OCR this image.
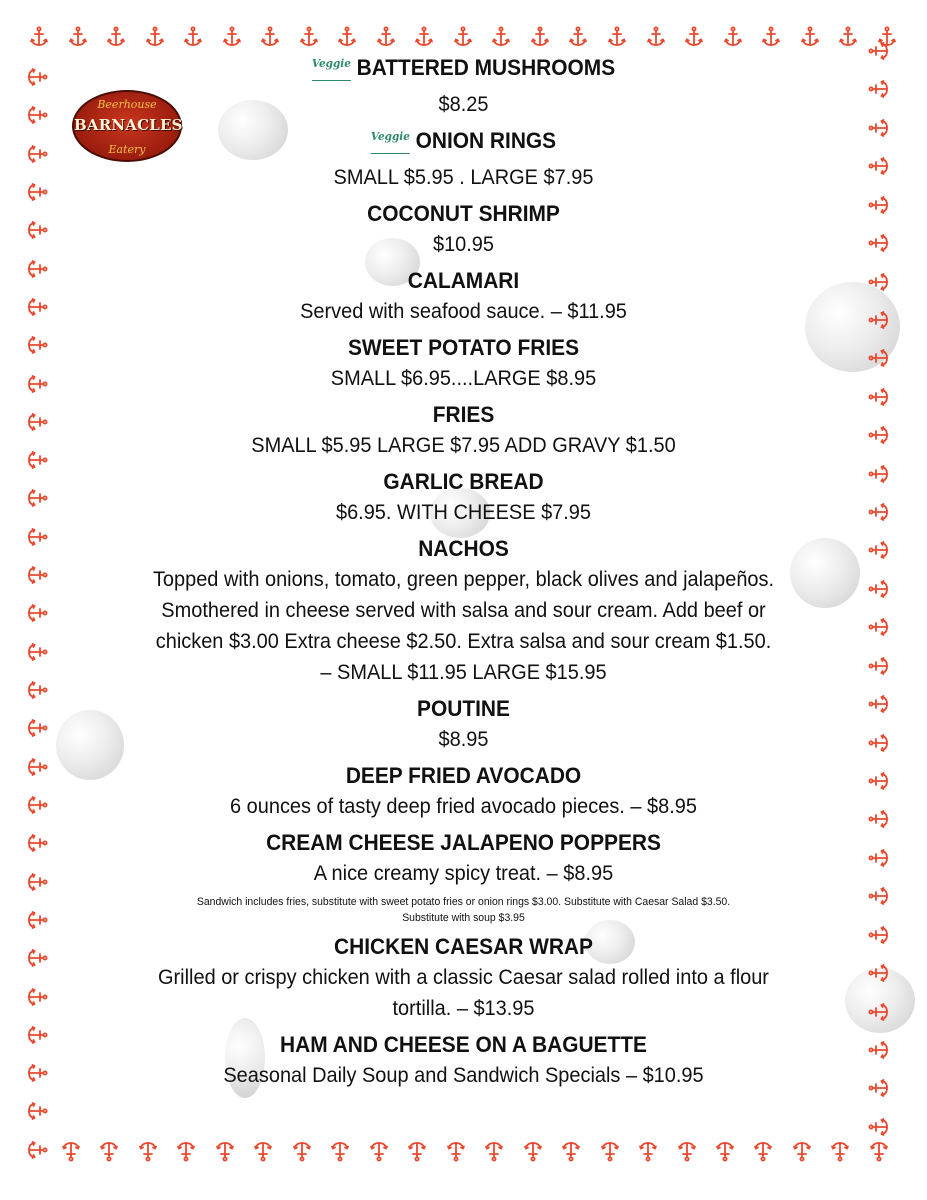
Beerhouse
BARNACLES
Eatery
Veggie BATTERED MUSHROOMS
$8.25
Veggie ONION RINGS
SMALL $5.95 . LARGE $7.95
COCONUT SHRIMP
$10.95
CALAMARI
Served with seafood sauce. – $11.95
SWEET POTATO FRIES
SMALL $6.95....LARGE $8.95
FRIES
SMALL $5.95 LARGE $7.95 ADD GRAVY $1.50
GARLIC BREAD
$6.95. WITH CHEESE $7.95
NACHOS
Topped with onions, tomato, green pepper, black olives and jalapeños.
Smothered in cheese served with salsa and sour cream. Add beef or
chicken $3.00 Extra cheese $2.50. Extra salsa and sour cream $1.50.
– SMALL $11.95 LARGE $15.95
POUTINE
$8.95
DEEP FRIED AVOCADO
6 ounces of tasty deep fried avocado pieces. – $8.95
CREAM CHEESE JALAPENO POPPERS
A nice creamy spicy treat. – $8.95
Sandwich includes fries, substitute with sweet potato fries or onion rings $3.00. Substitute with Caesar Salad $3.50.
Substitute with soup $3.95
CHICKEN CAESAR WRAP
Grilled or crispy chicken with a classic Caesar salad rolled into a flour
tortilla. – $13.95
HAM AND CHEESE ON A BAGUETTE
Seasonal Daily Soup and Sandwich Specials – $10.95
